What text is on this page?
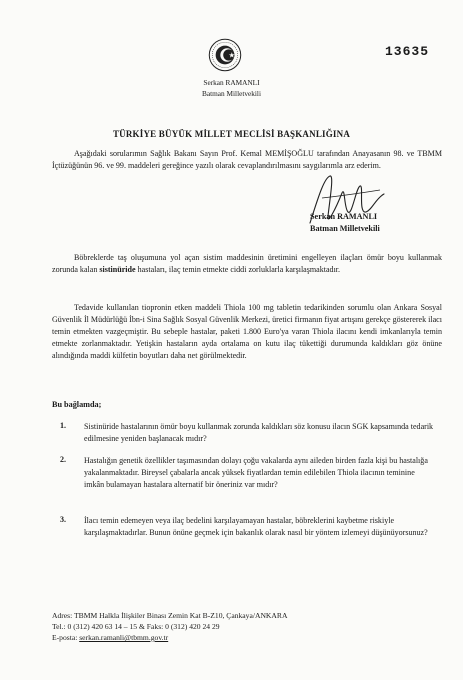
13635
Serkan RAMANLI
Batman Milletvekili
TÜRKİYE BÜYÜK MİLLET MECLİSİ BAŞKANLIĞINA
Aşağıdaki sorularımın Sağlık Bakanı Sayın Prof. Kemal MEMİŞOĞLU tarafından Anayasanın 98. ve TBMM İçtüzüğünün 96. ve 99. maddeleri gereğince yazılı olarak cevaplandırılmasını saygılarımla arz ederim.
Serkan RAMANLI
Batman Milletvekili
Böbreklerde taş oluşumuna yol açan sistim maddesinin üretimini engelleyen ilaçları ömür boyu kullanmak zorunda kalan sistinüride hastaları, ilaç temin etmekte ciddi zorluklarla karşılaşmaktadır.
Tedavide kullanılan tiopronin etken maddeli Thiola 100 mg tabletin tedarikinden sorumlu olan Ankara Sosyal Güvenlik İl Müdürlüğü İbn-i Sina Sağlık Sosyal Güvenlik Merkezi, üretici firmanın fiyat artışını gerekçe göstererek ilacı temin etmekten vazgeçmiştir. Bu sebeple hastalar, paketi 1.800 Euro'ya varan Thiola ilacını kendi imkanlarıyla temin etmekte zorlanmaktadır. Yetişkin hastaların ayda ortalama on kutu ilaç tükettiği durumunda kaldıkları göz önüne alındığında maddi külfetin boyutları daha net görülmektedir.
Bu bağlamda;
1. Sistinüride hastalarının ömür boyu kullanmak zorunda kaldıkları söz konusu ilacın SGK kapsamında tedarik edilmesine yeniden başlanacak mıdır?
2. Hastalığın genetik özellikler taşımasından dolayı çoğu vakalarda aynı aileden birden fazla kişi bu hastalığa yakalanmaktadır. Bireysel çabalarla ancak yüksek fiyatlardan temin edilebilen Thiola ilacının teminine imkân bulamayan hastalara alternatif bir öneriniz var mıdır?
3. İlacı temin edemeyen veya ilaç bedelini karşılayamayan hastalar, böbreklerini kaybetme riskiyle karşılaşmaktadırlar. Bunun önüne geçmek için bakanlık olarak nasıl bir yöntem izlemeyi düşünüyorsunuz?
Adres: TBMM Halkla İlişkiler Binası Zemin Kat B-Z10, Çankaya/ANKARA
Tel.: 0 (312) 420 63 14 – 15 & Faks: 0 (312) 420 24 29
E-posta: serkan.ramanli@tbmm.gov.tr
